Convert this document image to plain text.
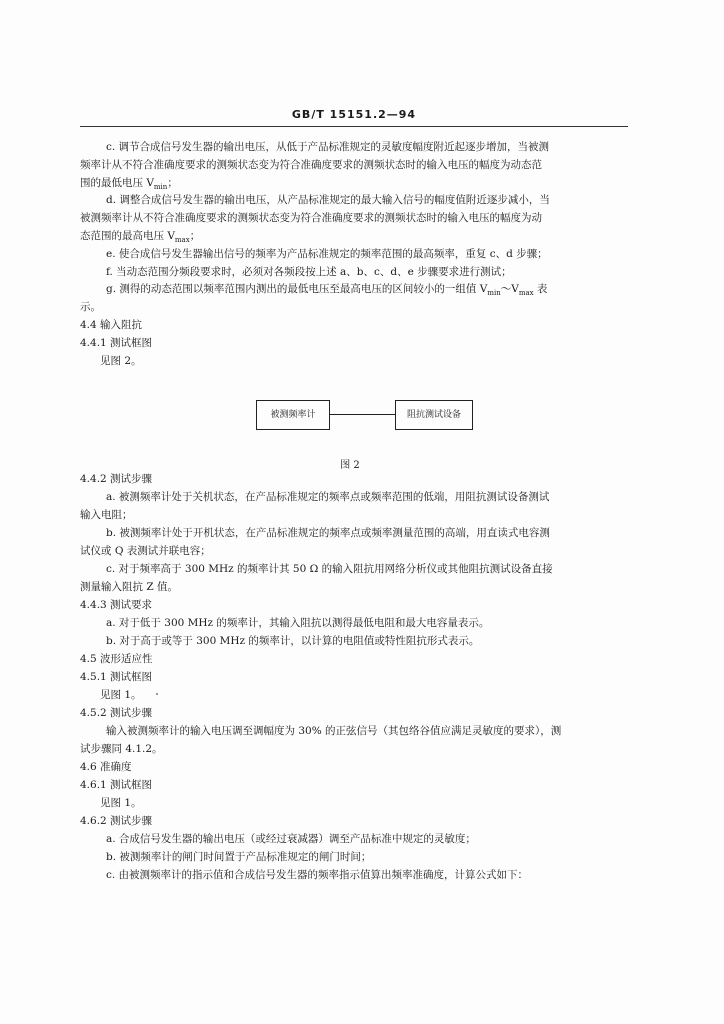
GB/T 15151.2—94
c. 调节合成信号发生器的输出电压，从低于产品标准规定的灵敏度幅度附近起逐步增加，当被测
频率计从不符合准确度要求的测频状态变为符合准确度要求的测频状态时的输入电压的幅度为动态范
围的最低电压 $V_{min}$；
d. 调整合成信号发生器的输出电压，从产品标准规定的最大输入信号的幅度值附近逐步减小，当
被测频率计从不符合准确度要求的测频状态变为符合准确度要求的测频状态时的输入电压的幅度为动
态范围的最高电压 $V_{max}$；
e. 使合成信号发生器输出信号的频率为产品标准规定的频率范围的最高频率，重复 c、d 步骤；
f. 当动态范围分频段要求时，必须对各频段按上述 a、b、c、d、e 步骤要求进行测试；
g. 测得的动态范围以频率范围内测出的最低电压至最高电压的区间较小的一组值 $V_{min}\sim V_{max}$ 表
示。
4.4 输入阻抗
4.4.1 测试框图
见图 2。
被测频率计	阻抗测试设备
图 2
4.4.2 测试步骤
a. 被测频率计处于关机状态，在产品标准规定的频率点或频率范围的低端，用阻抗测试设备测试
输入电阻；
b. 被测频率计处于开机状态，在产品标准规定的频率点或频率测量范围的高端，用直读式电容测
试仪或 Q 表测试并联电容；
c. 对于频率高于 300 MHz 的频率计其 50 Ω 的输入阻抗用网络分析仪或其他阻抗测试设备直接
测量输入阻抗 Z 值。
4.4.3 测试要求
a. 对于低于 300 MHz 的频率计，其输入阻抗以测得最低电阻和最大电容量表示。
b. 对于高于或等于 300 MHz 的频率计，以计算的电阻值或特性阻抗形式表示。
4.5 波形适应性
4.5.1 测试框图
见图 1。
4.5.2 测试步骤
输入被测频率计的输入电压调至调幅度为 30% 的正弦信号（其包络谷值应满足灵敏度的要求），测
试步骤同 4.1.2。
4.6 准确度
4.6.1 测试框图
见图 1。
4.6.2 测试步骤
a. 合成信号发生器的输出电压（或经过衰减器）调至产品标准中规定的灵敏度；
b. 被测频率计的闸门时间置于产品标准规定的闸门时间；
c. 由被测频率计的指示值和合成信号发生器的频率指示值算出频率准确度，计算公式如下：
